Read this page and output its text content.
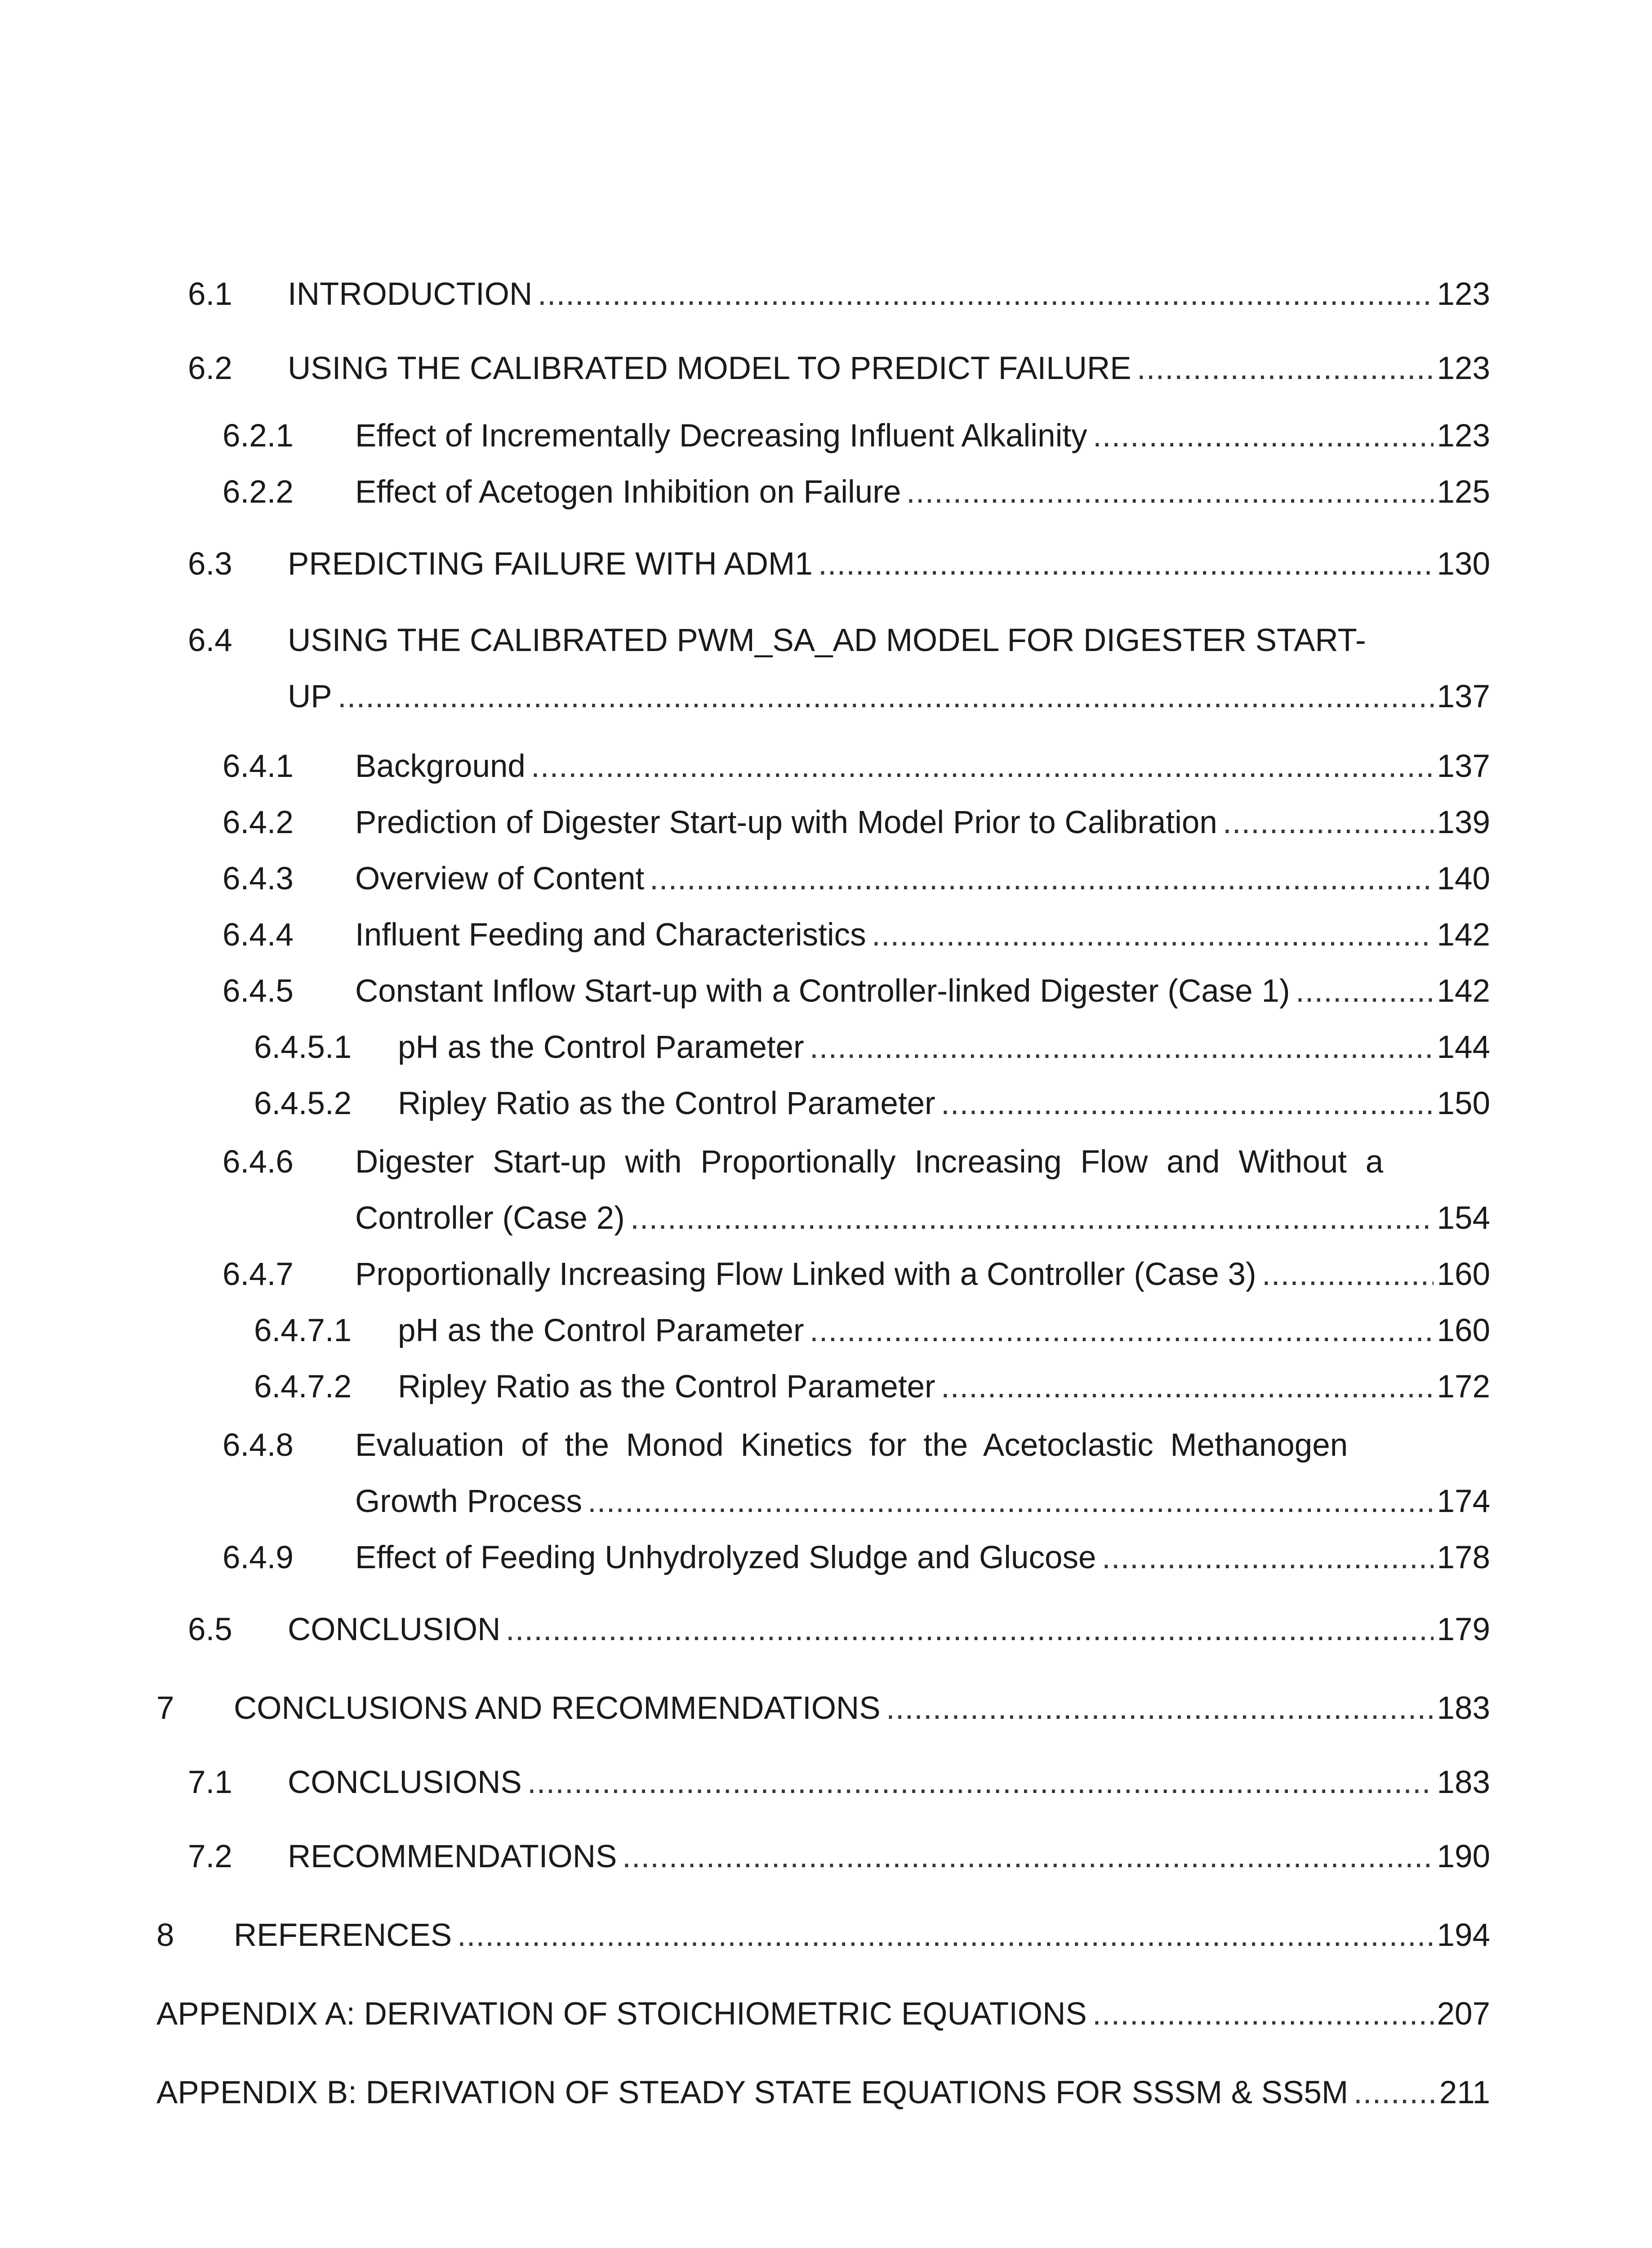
6.1 INTRODUCTION .....	123
6.2 USING THE CALIBRATED MODEL TO PREDICT FAILURE .....	123
6.2.1 Effect of Incrementally Decreasing Influent Alkalinity .....	123
6.2.2 Effect of Acetogen Inhibition on Failure .....	125
6.3 PREDICTING FAILURE WITH ADM1 .....	130
6.4 USING THE CALIBRATED PWM_SA_AD MODEL FOR DIGESTER START-
UP .....	137
6.4.1 Background .....	137
6.4.2 Prediction of Digester Start-up with Model Prior to Calibration .....	139
6.4.3 Overview of Content .....	140
6.4.4 Influent Feeding and Characteristics .....	142
6.4.5 Constant Inflow Start-up with a Controller-linked Digester (Case 1) .....	142
6.4.5.1 pH as the Control Parameter .....	144
6.4.5.2 Ripley Ratio as the Control Parameter .....	150
6.4.6 Digester Start-up with Proportionally Increasing Flow and Without a
Controller (Case 2) .....	154
6.4.7 Proportionally Increasing Flow Linked with a Controller (Case 3) .....	160
6.4.7.1 pH as the Control Parameter .....	160
6.4.7.2 Ripley Ratio as the Control Parameter .....	172
6.4.8 Evaluation of the Monod Kinetics for the Acetoclastic Methanogen
Growth Process .....	174
6.4.9 Effect of Feeding Unhydrolyzed Sludge and Glucose .....	178
6.5 CONCLUSION .....	179
7 CONCLUSIONS AND RECOMMENDATIONS .....	183
7.1 CONCLUSIONS .....	183
7.2 RECOMMENDATIONS .....	190
8 REFERENCES .....	194
APPENDIX A: DERIVATION OF STOICHIOMETRIC EQUATIONS .....	207
APPENDIX B: DERIVATION OF STEADY STATE EQUATIONS FOR SSSM & SS5M .....	211
